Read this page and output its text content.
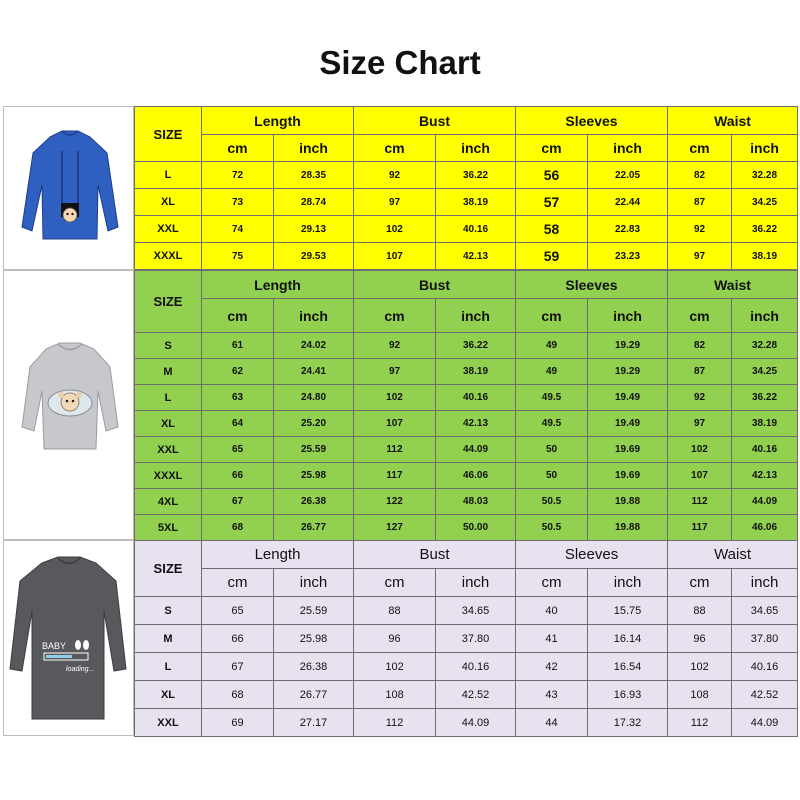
Size Chart
SIZE	Length		Bust		Sleeves		Waist	
	cm	inch	cm	inch	cm	inch	cm	inch
L	72	28.35	92	36.22	56	22.05	82	32.28
XL	73	28.74	97	38.19	57	22.44	87	34.25
XXL	74	29.13	102	40.16	58	22.83	92	36.22
XXXL	75	29.53	107	42.13	59	23.23	97	38.19
SIZE	Length		Bust		Sleeves		Waist	
	cm	inch	cm	inch	cm	inch	cm	inch
S	61	24.02	92	36.22	49	19.29	82	32.28
M	62	24.41	97	38.19	49	19.29	87	34.25
L	63	24.80	102	40.16	49.5	19.49	92	36.22
XL	64	25.20	107	42.13	49.5	19.49	97	38.19
XXL	65	25.59	112	44.09	50	19.69	102	40.16
XXXL	66	25.98	117	46.06	50	19.69	107	42.13
4XL	67	26.38	122	48.03	50.5	19.88	112	44.09
5XL	68	26.77	127	50.00	50.5	19.88	117	46.06
BABY
loading...
SIZE	Length		Bust		Sleeves		Waist	
	cm	inch	cm	inch	cm	inch	cm	inch
S	65	25.59	88	34.65	40	15.75	88	34.65
M	66	25.98	96	37.80	41	16.14	96	37.80
L	67	26.38	102	40.16	42	16.54	102	40.16
XL	68	26.77	108	42.52	43	16.93	108	42.52
XXL	69	27.17	112	44.09	44	17.32	112	44.09
